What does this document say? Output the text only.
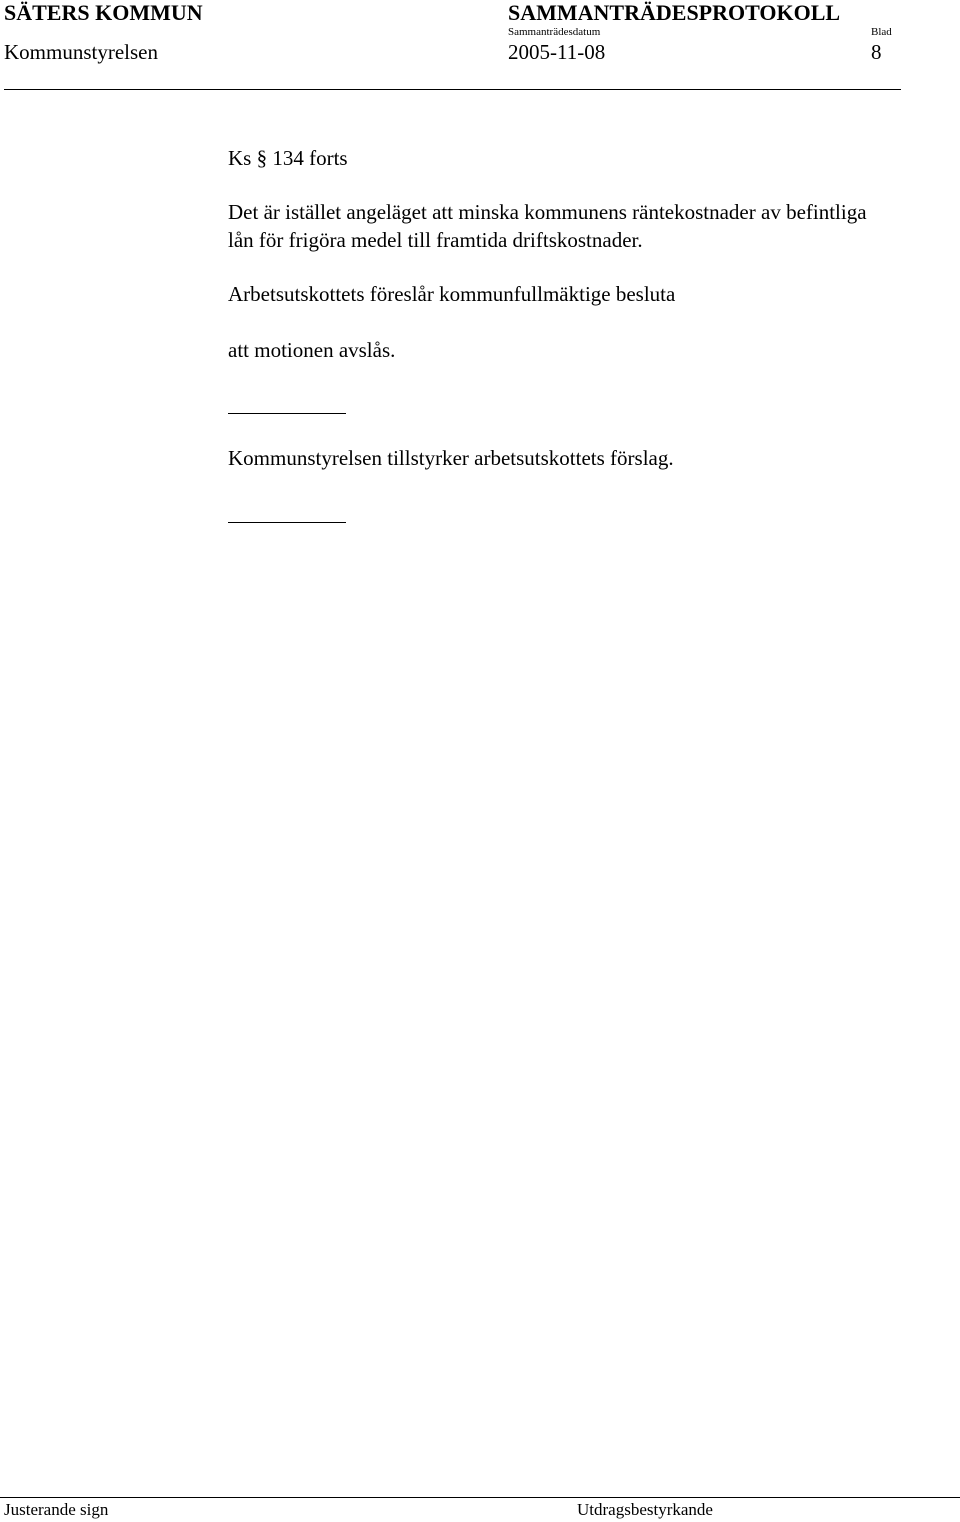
SÄTERS KOMMUN	SAMMANTRÄDESPROTOKOLL
Sammanträdesdatum	Blad
Kommunstyrelsen	2005-11-08	8
Ks § 134 forts
Det är istället angeläget att minska kommunens räntekostnader av befintliga
lån för frigöra medel till framtida driftskostnader.
Arbetsutskottets föreslår kommunfullmäktige besluta
att motionen avslås.
Kommunstyrelsen tillstyrker arbetsutskottets förslag.
Justerande sign	Utdragsbestyrkande
